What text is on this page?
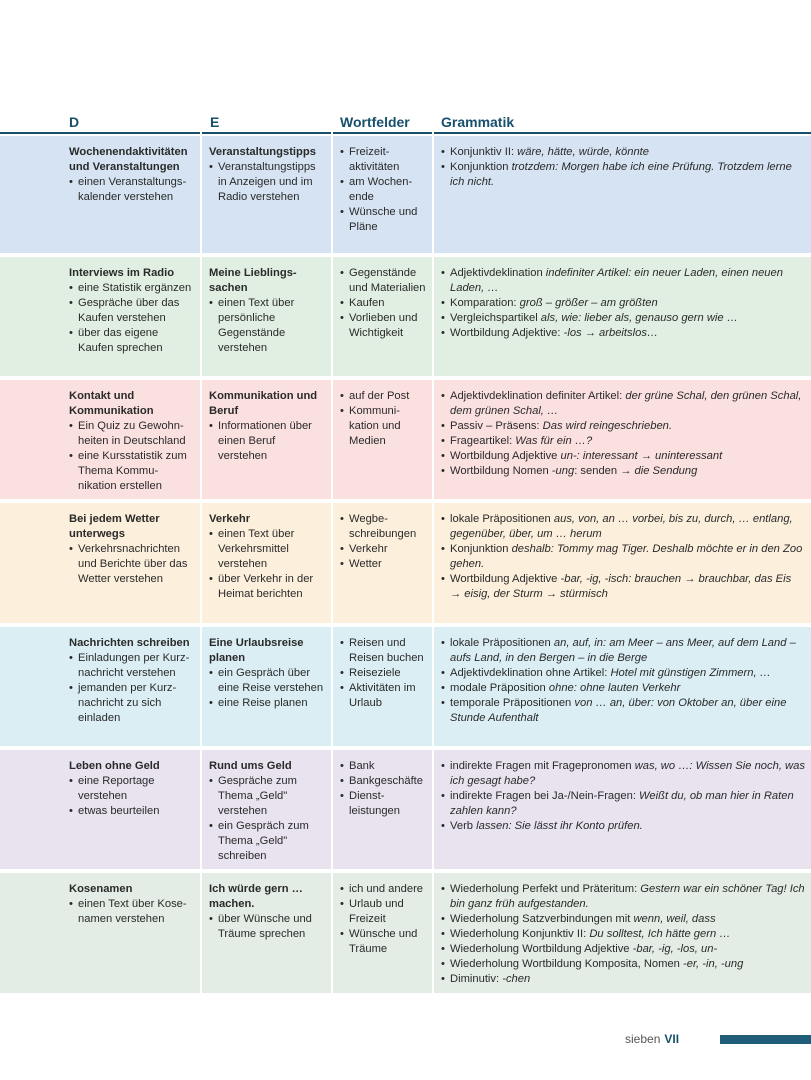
D	E	Wortfelder Grammatik
Wochenendaktivitäten und Veranstaltungen
• einen Veranstaltungs-kalender verstehen
Veranstaltungstipps
• Veranstaltungstipps in Anzeigen und im Radio verstehen
• Freizeit-aktivitäten
• am Wochen-ende
• Wünsche und Pläne
• Konjunktiv II: wäre, hätte, würde, könnte
• Konjunktion trotzdem: Morgen habe ich eine Prüfung. Trotzdem lerne ich nicht.
Interviews im Radio
• eine Statistik ergänzen
• Gespräche über das Kaufen verstehen
• über das eigene Kaufen sprechen
Meine Lieblings-sachen
• einen Text über persönliche Gegenstände verstehen
• Gegenstände und Materialien
• Kaufen
• Vorlieben und Wichtigkeit
• Adjektivdeklination indefiniter Artikel: ein neuer Laden, einen neuen Laden, …
• Komparation: groß – größer – am größten
• Vergleichspartikel als, wie: lieber als, genauso gern wie …
• Wortbildung Adjektive: -los → arbeitslos…
Kontakt und Kommunikation
• Ein Quiz zu Gewohn-heiten in Deutschland
• eine Kursstatistik zum Thema Kommu-nikation erstellen
Kommunikation und Beruf
• Informationen über einen Beruf verstehen
• auf der Post
• Kommuni-kation und Medien
• Adjektivdeklination definiter Artikel: der grüne Schal, den grünen Schal, dem grünen Schal, …
• Passiv – Präsens: Das wird reingeschrieben.
• Frageartikel: Was für ein …?
• Wortbildung Adjektive un-: interessant → uninteressant
• Wortbildung Nomen -ung: senden → die Sendung
Bei jedem Wetter unterwegs
• Verkehrsnachrichten und Berichte über das Wetter verstehen
Verkehr
• einen Text über Verkehrsmittel verstehen
• über Verkehr in der Heimat berichten
• Wegbe-schreibungen
• Verkehr
• Wetter
• lokale Präpositionen aus, von, an … vorbei, bis zu, durch, … entlang, gegenüber, über, um … herum
• Konjunktion deshalb: Tommy mag Tiger. Deshalb möchte er in den Zoo gehen.
• Wortbildung Adjektive -bar, -ig, -isch: brauchen → brauchbar, das Eis → eisig, der Sturm → stürmisch
Nachrichten schreiben
• Einladungen per Kurz-nachricht verstehen
• jemanden per Kurz-nachricht zu sich einladen
Eine Urlaubsreise planen
• ein Gespräch über eine Reise verstehen
• eine Reise planen
• Reisen und Reisen buchen
• Reiseziele
• Aktivitäten im Urlaub
• lokale Präpositionen an, auf, in: am Meer – ans Meer, auf dem Land – aufs Land, in den Bergen – in die Berge
• Adjektivdeklination ohne Artikel: Hotel mit günstigen Zimmern, …
• modale Präposition ohne: ohne lauten Verkehr
• temporale Präpositionen von … an, über: von Oktober an, über eine Stunde Aufenthalt
Leben ohne Geld
• eine Reportage verstehen
• etwas beurteilen
Rund ums Geld
• Gespräche zum Thema „Geld" verstehen
• ein Gespräch zum Thema „Geld" schreiben
• Bank
• Bankgeschäfte
• Dienst-leistungen
• indirekte Fragen mit Fragepronomen was, wo …: Wissen Sie noch, was ich gesagt habe?
• indirekte Fragen bei Ja-/Nein-Fragen: Weißt du, ob man hier in Raten zahlen kann?
• Verb lassen: Sie lässt ihr Konto prüfen.
Kosenamen
• einen Text über Kose-namen verstehen
Ich würde gern … machen.
• über Wünsche und Träume sprechen
• ich und andere
• Urlaub und Freizeit
• Wünsche und Träume
• Wiederholung Perfekt und Präteritum: Gestern war ein schöner Tag! Ich bin ganz früh aufgestanden.
• Wiederholung Satzverbindungen mit wenn, weil, dass
• Wiederholung Konjunktiv II: Du solltest, Ich hätte gern …
• Wiederholung Wortbildung Adjektive -bar, -ig, -los, un-
• Wiederholung Wortbildung Komposita, Nomen -er, -in, -ung
• Diminutiv: -chen
sieben VII
